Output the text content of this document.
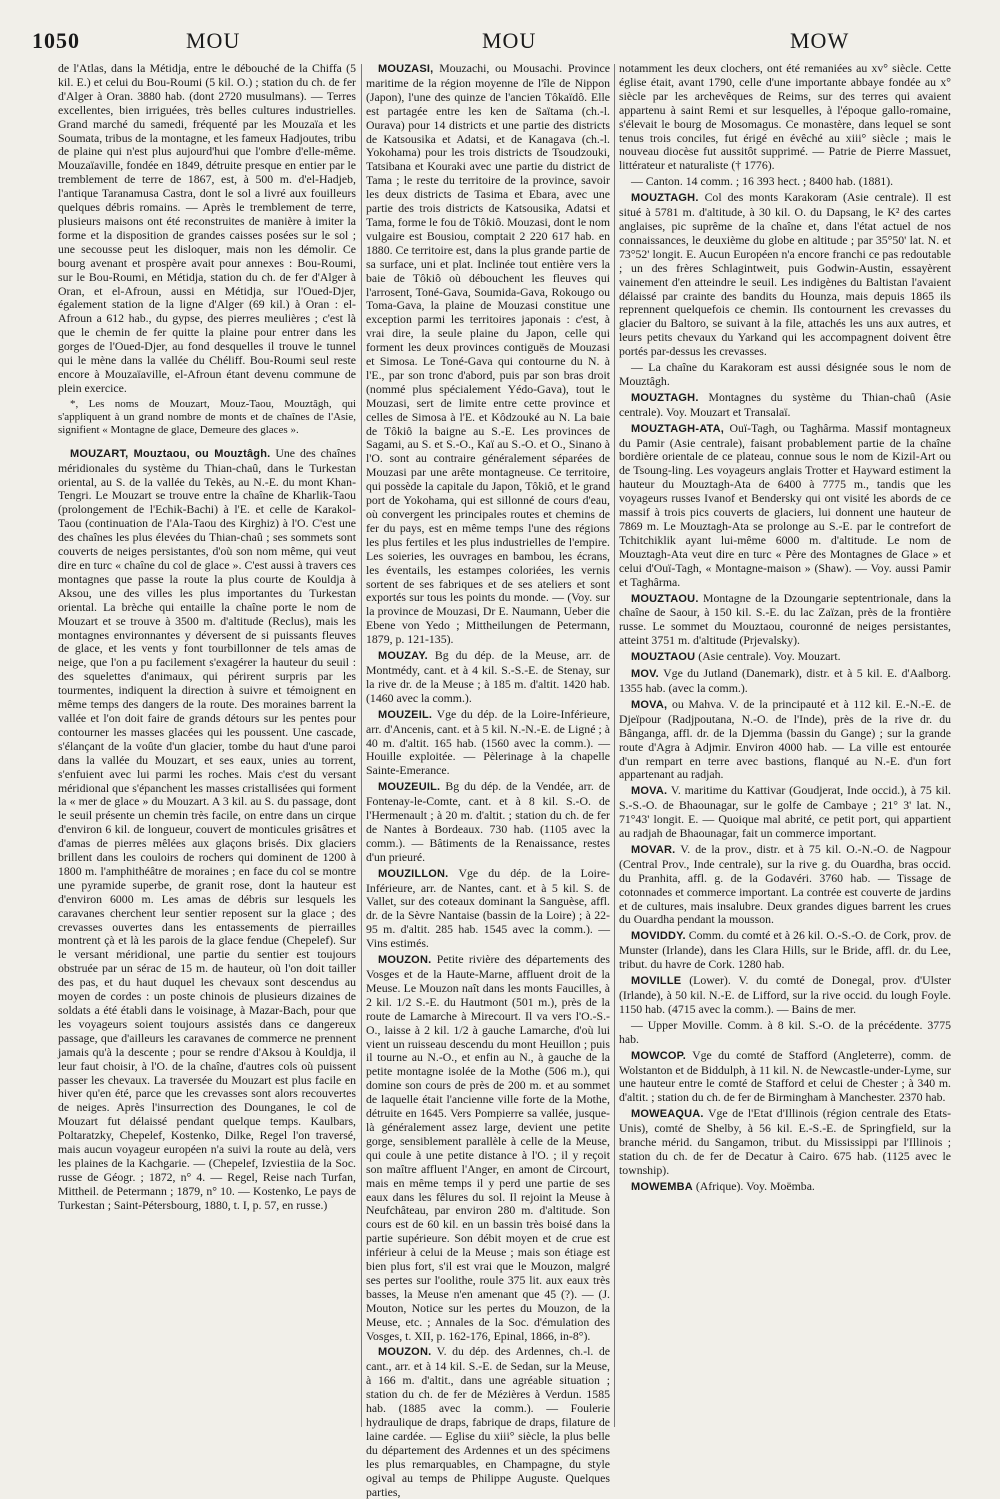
1050	MOU	MOU	MOW

de l'Atlas, dans la Métidja, entre le débouché de la Chiffa (5 kil. E.) et celui du Bou-Roumi (5 kil. O.) ; station du ch. de fer d'Alger à Oran. 3880 hab. (dont 2720 musulmans). — Terres excellentes, bien irriguées, très belles cultures industrielles. Grand marché du samedi, fréquenté par les Mouzaïa et les Soumata, tribus de la montagne, et les fameux Hadjoutes, tribu de plaine qui n'est plus aujourd'hui que l'ombre d'elle-même. Mouzaïaville, fondée en 1849, détruite presque en entier par le tremblement de terre de 1867, est, à 500 m. d'el-Hadjeb, l'antique Taranamusa Castra, dont le sol a livré aux fouilleurs quelques débris romains. — Après le tremblement de terre, plusieurs maisons ont été reconstruites de manière à imiter la forme et la disposition de grandes caisses posées sur le sol ; une secousse peut les disloquer, mais non les démolir. Ce bourg avenant et prospère avait pour annexes : Bou-Roumi, sur le Bou-Roumi, en Métidja, station du ch. de fer d'Alger à Oran, et el-Afroun, aussi en Métidja, sur l'Oued-Djer, également station de la ligne d'Alger (69 kil.) à Oran : el-Afroun a 612 hab., du gypse, des pierres meulières ; c'est là que le chemin de fer quitte la plaine pour entrer dans les gorges de l'Oued-Djer, au fond desquelles il trouve le tunnel qui le mène dans la vallée du Chéliff. Bou-Roumi seul reste encore à Mouzaïaville, el-Afroun étant devenu commune de plein exercice.

*, Les noms de Mouzart, Mouz-Taou, Mouztâgh, qui s'appliquent à un grand nombre de monts et de chaînes de l'Asie, signifient « Montagne de glace, Demeure des glaces ».

MOUZART, Mouztaou, ou Mouztâgh. Une des chaînes méridionales du système du Thian-chaû, dans le Turkestan oriental, au S. de la vallée du Tekès, au N.-E. du mont Khan-Tengri. Le Mouzart se trouve entre la chaîne de Kharlik-Taou (prolongement de l'Echik-Bachi) à l'E. et celle de Karakol-Taou (continuation de l'Ala-Taou des Kirghiz) à l'O. C'est une des chaînes les plus élevées du Thian-chaû ; ses sommets sont couverts de neiges persistantes, d'où son nom même, qui veut dire en turc « chaîne du col de glace ». C'est aussi à travers ces montagnes que passe la route la plus courte de Kouldja à Aksou, une des villes les plus importantes du Turkestan oriental. La brèche qui entaille la chaîne porte le nom de Mouzart et se trouve à 3500 m. d'altitude (Reclus), mais les montagnes environnantes y déversent de si puissants fleuves de glace, et les vents y font tourbillonner de tels amas de neige, que l'on a pu facilement s'exagérer la hauteur du seuil : des squelettes d'animaux, qui périrent surpris par les tourmentes, indiquent la direction à suivre et témoignent en même temps des dangers de la route. Des moraines barrent la vallée et l'on doit faire de grands détours sur les pentes pour contourner les masses glacées qui les poussent. Une cascade, s'élançant de la voûte d'un glacier, tombe du haut d'une paroi dans la vallée du Mouzart, et ses eaux, unies au torrent, s'enfuient avec lui parmi les roches. Mais c'est du versant méridional que s'épanchent les masses cristallisées qui forment la « mer de glace » du Mouzart. A 3 kil. au S. du passage, dont le seuil présente un chemin très facile, on entre dans un cirque d'environ 6 kil. de longueur, couvert de monticules grisâtres et d'amas de pierres mêlées aux glaçons brisés. Dix glaciers brillent dans les couloirs de rochers qui dominent de 1200 à 1800 m. l'amphithéâtre de moraines ; en face du col se montre une pyramide superbe, de granit rose, dont la hauteur est d'environ 6000 m. Les amas de débris sur lesquels les caravanes cherchent leur sentier reposent sur la glace ; des crevasses ouvertes dans les entassements de pierrailles montrent çà et là les parois de la glace fendue (Chepelef). Sur le versant méridional, une partie du sentier est toujours obstruée par un sérac de 15 m. de hauteur, où l'on doit tailler des pas, et du haut duquel les chevaux sont descendus au moyen de cordes : un poste chinois de plusieurs dizaines de soldats a été établi dans le voisinage, à Mazar-Bach, pour que les voyageurs soient toujours assistés dans ce dangereux passage, que d'ailleurs les caravanes de commerce ne prennent jamais qu'à la descente ; pour se rendre d'Aksou à Kouldja, il leur faut choisir, à l'O. de la chaîne, d'autres cols où puissent passer les chevaux. La traversée du Mouzart est plus facile en hiver qu'en été, parce que les crevasses sont alors recouvertes de neiges. Après l'insurrection des Dounganes, le col de Mouzart fut délaissé pendant quelque temps. Kaulbars, Poltaratzky, Chepelef, Kostenko, Dilke, Regel l'on traversé, mais aucun voyageur européen n'a suivi la route au delà, vers les plaines de la Kachgarie. — (Chepelef, Izviestiia de la Soc. russe de Géogr. ; 1872, n° 4. — Regel, Reise nach Turfan, Mittheil. de Petermann ; 1879, n° 10. — Kostenko, Le pays de Turkestan ; Saint-Pétersbourg, 1880, t. I, p. 57, en russe.)

MOUZASI, Mouzachi, ou Mousachi. Province maritime de la région moyenne de l'île de Nippon (Japon), l'une des quinze de l'ancien Tôkaïdô. Elle est partagée entre les ken de Saïtama (ch.-l. Ourava) pour 14 districts et une partie des districts de Katsousika et Adatsi, et de Kanagava (ch.-l. Yokohama) pour les trois districts de Tsoudzouki, Tatsibana et Kouraki avec une partie du district de Tama ; le reste du territoire de la province, savoir les deux districts de Tasima et Ebara, avec une partie des trois districts de Katsousika, Adatsi et Tama, forme le fou de Tôkiô. Mouzasi, dont le nom vulgaire est Bousiou, comptait 2 220 617 hab. en 1880. Ce territoire est, dans la plus grande partie de sa surface, uni et plat. Inclinée tout entière vers la baie de Tôkiô où débouchent les fleuves qui l'arrosent, Toné-Gava, Soumida-Gava, Rokougo ou Toma-Gava, la plaine de Mouzasi constitue une exception parmi les territoires japonais : c'est, à vrai dire, la seule plaine du Japon, celle qui forment les deux provinces contiguës de Mouzasi et Simosa. Le Toné-Gava qui contourne du N. à l'E., par son tronc d'abord, puis par son bras droit (nommé plus spécialement Yédo-Gava), tout le Mouzasi, sert de limite entre cette province et celles de Simosa à l'E. et Kôdzouké au N. La baie de Tôkiô la baigne au S.-E. Les provinces de Sagami, au S. et S.-O., Kaï au S.-O. et O., Sinano à l'O. sont au contraire généralement séparées de Mouzasi par une arête montagneuse. Ce territoire, qui possède la capitale du Japon, Tôkiô, et le grand port de Yokohama, qui est sillonné de cours d'eau, où convergent les principales routes et chemins de fer du pays, est en même temps l'une des régions les plus fertiles et les plus industrielles de l'empire. Les soieries, les ouvrages en bambou, les écrans, les éventails, les estampes coloriées, les vernis sortent de ses fabriques et de ses ateliers et sont exportés sur tous les points du monde. — (Voy. sur la province de Mouzasi, Dr E. Naumann, Ueber die Ebene von Yedo ; Mittheilungen de Petermann, 1879, p. 121-135).

MOUZAY. Bg du dép. de la Meuse, arr. de Montmédy, cant. et à 4 kil. S.-S.-E. de Stenay, sur la rive dr. de la Meuse ; à 185 m. d'altit. 1420 hab. (1460 avec la comm.).

MOUZEIL. Vge du dép. de la Loire-Inférieure, arr. d'Ancenis, cant. et à 5 kil. N.-N.-E. de Ligné ; à 40 m. d'altit. 165 hab. (1560 avec la comm.). — Houille exploitée. — Pèlerinage à la chapelle Sainte-Emerance.

MOUZEUIL. Bg du dép. de la Vendée, arr. de Fontenay-le-Comte, cant. et à 8 kil. S.-O. de l'Hermenault ; à 20 m. d'altit. ; station du ch. de fer de Nantes à Bordeaux. 730 hab. (1105 avec la comm.). — Bâtiments de la Renaissance, restes d'un prieuré.

MOUZILLON. Vge du dép. de la Loire-Inférieure, arr. de Nantes, cant. et à 5 kil. S. de Vallet, sur des coteaux dominant la Sanguèse, affl. dr. de la Sèvre Nantaise (bassin de la Loire) ; à 22-95 m. d'altit. 285 hab. 1545 avec la comm.). — Vins estimés.

MOUZON. Petite rivière des départements des Vosges et de la Haute-Marne, affluent droit de la Meuse. Le Mouzon naît dans les monts Faucilles, à 2 kil. 1/2 S.-E. du Hautmont (501 m.), près de la route de Lamarche à Mirecourt. Il va vers l'O.-S.-O., laisse à 2 kil. 1/2 à gauche Lamarche, d'où lui vient un ruisseau descendu du mont Heuillon ; puis il tourne au N.-O., et enfin au N., à gauche de la petite montagne isolée de la Mothe (506 m.), qui domine son cours de près de 200 m. et au sommet de laquelle était l'ancienne ville forte de la Mothe, détruite en 1645. Vers Pompierre sa vallée, jusque-là généralement assez large, devient une petite gorge, sensiblement parallèle à celle de la Meuse, qui coule à une petite distance à l'O. ; il y reçoit son maître affluent l'Anger, en amont de Circourt, mais en même temps il y perd une partie de ses eaux dans les fêlures du sol. Il rejoint la Meuse à Neufchâteau, par environ 280 m. d'altitude. Son cours est de 60 kil. en un bassin très boisé dans la partie supérieure. Son débit moyen et de crue est inférieur à celui de la Meuse ; mais son étiage est bien plus fort, s'il est vrai que le Mouzon, malgré ses pertes sur l'oolithe, roule 375 lit. aux eaux très basses, la Meuse n'en amenant que 45 (?). — (J. Mouton, Notice sur les pertes du Mouzon, de la Meuse, etc. ; Annales de la Soc. d'émulation des Vosges, t. XII, p. 162-176, Epinal, 1866, in-8°).

MOUZON. V. du dép. des Ardennes, ch.-l. de cant., arr. et à 14 kil. S.-E. de Sedan, sur la Meuse, à 166 m. d'altit., dans une agréable situation ; station du ch. de fer de Mézières à Verdun. 1585 hab. (1885 avec la comm.). — Foulerie hydraulique de draps, fabrique de draps, filature de laine cardée. — Eglise du xiii° siècle, la plus belle du département des Ardennes et un des spécimens les plus remarquables, en Champagne, du style ogival au temps de Philippe Auguste. Quelques parties,

notamment les deux clochers, ont été remaniées au xv° siècle. Cette église était, avant 1790, celle d'une importante abbaye fondée au x° siècle par les archevêques de Reims, sur des terres qui avaient appartenu à saint Remi et sur lesquelles, à l'époque gallo-romaine, s'élevait le bourg de Mosomagus. Ce monastère, dans lequel se sont tenus trois conciles, fut érigé en évêché au xiii° siècle ; mais le nouveau diocèse fut aussitôt supprimé. — Patrie de Pierre Massuet, littérateur et naturaliste († 1776).

— Canton. 14 comm. ; 16 393 hect. ; 8400 hab. (1881).

MOUZTAGH. Col des monts Karakoram (Asie centrale). Il est situé à 5781 m. d'altitude, à 30 kil. O. du Dapsang, le K² des cartes anglaises, pic suprême de la chaîne et, dans l'état actuel de nos connaissances, le deuxième du globe en altitude ; par 35°50' lat. N. et 73°52' longit. E. Aucun Européen n'a encore franchi ce pas redoutable ; un des frères Schlagintweit, puis Godwin-Austin, essayèrent vainement d'en atteindre le seuil. Les indigènes du Baltistan l'avaient délaissé par crainte des bandits du Hounza, mais depuis 1865 ils reprennent quelquefois ce chemin. Ils contournent les crevasses du glacier du Baltoro, se suivant à la file, attachés les uns aux autres, et leurs petits chevaux du Yarkand qui les accompagnent doivent être portés par-dessus les crevasses.

— La chaîne du Karakoram est aussi désignée sous le nom de Mouztâgh.

MOUZTAGH. Montagnes du système du Thian-chaû (Asie centrale). Voy. Mouzart et Transalaï.

MOUZTAGH-ATA, Ouï-Tagh, ou Taghârma. Massif montagneux du Pamir (Asie centrale), faisant probablement partie de la chaîne bordière orientale de ce plateau, connue sous le nom de Kizil-Art ou de Tsoung-ling. Les voyageurs anglais Trotter et Hayward estiment la hauteur du Mouztagh-Ata de 6400 à 7775 m., tandis que les voyageurs russes Ivanof et Bendersky qui ont visité les abords de ce massif à trois pics couverts de glaciers, lui donnent une hauteur de 7869 m. Le Mouztagh-Ata se prolonge au S.-E. par le contrefort de Tchitchiklik ayant lui-même 6000 m. d'altitude. Le nom de Mouztagh-Ata veut dire en turc « Père des Montagnes de Glace » et celui d'Ouï-Tagh, « Montagne-maison » (Shaw). — Voy. aussi Pamir et Taghârma.

MOUZTAOU. Montagne de la Dzoungarie septentrionale, dans la chaîne de Saour, à 150 kil. S.-E. du lac Zaïzan, près de la frontière russe. Le sommet du Mouztaou, couronné de neiges persistantes, atteint 3751 m. d'altitude (Prjevalsky).

MOUZTAOU (Asie centrale). Voy. Mouzart.

MOV. Vge du Jutland (Danemark), distr. et à 5 kil. E. d'Aalborg. 1355 hab. (avec la comm.).

MOVA, ou Mahva. V. de la principauté et à 112 kil. E.-N.-E. de Djeïpour (Radjpoutana, N.-O. de l'Inde), près de la rive dr. du Bânganga, affl. dr. de la Djemma (bassin du Gange) ; sur la grande route d'Agra à Adjmir. Environ 4000 hab. — La ville est entourée d'un rempart en terre avec bastions, flanqué au N.-E. d'un fort appartenant au radjah.

MOVA. V. maritime du Kattivar (Goudjerat, Inde occid.), à 75 kil. S.-S.-O. de Bhaounagar, sur le golfe de Cambaye ; 21° 3' lat. N., 71°43' longit. E. — Quoique mal abrité, ce petit port, qui appartient au radjah de Bhaounagar, fait un commerce important.

MOVAR. V. de la prov., distr. et à 75 kil. O.-N.-O. de Nagpour (Central Prov., Inde centrale), sur la rive g. du Ouardha, bras occid. du Pranhita, affl. g. de la Godavéri. 3760 hab. — Tissage de cotonnades et commerce important. La contrée est couverte de jardins et de cultures, mais insalubre. Deux grandes digues barrent les crues du Ouardha pendant la mousson.

MOVIDDY. Comm. du comté et à 26 kil. O.-S.-O. de Cork, prov. de Munster (Irlande), dans les Clara Hills, sur le Bride, affl. dr. du Lee, tribut. du havre de Cork. 1280 hab.

MOVILLE (Lower). V. du comté de Donegal, prov. d'Ulster (Irlande), à 50 kil. N.-E. de Lifford, sur la rive occid. du lough Foyle. 1150 hab. (4715 avec la comm.). — Bains de mer.

— Upper Moville. Comm. à 8 kil. S.-O. de la précédente. 3775 hab.

MOWCOP. Vge du comté de Stafford (Angleterre), comm. de Wolstanton et de Biddulph, à 11 kil. N. de Newcastle-under-Lyme, sur une hauteur entre le comté de Stafford et celui de Chester ; à 340 m. d'altit. ; station du ch. de fer de Birmingham à Manchester. 2370 hab.

MOWEAQUA. Vge de l'Etat d'Illinois (région centrale des Etats-Unis), comté de Shelby, à 56 kil. E.-S.-E. de Springfield, sur la branche mérid. du Sangamon, tribut. du Mississippi par l'Illinois ; station du ch. de fer de Decatur à Cairo. 675 hab. (1125 avec le township).

MOWEMBA (Afrique). Voy. Moëmba.
